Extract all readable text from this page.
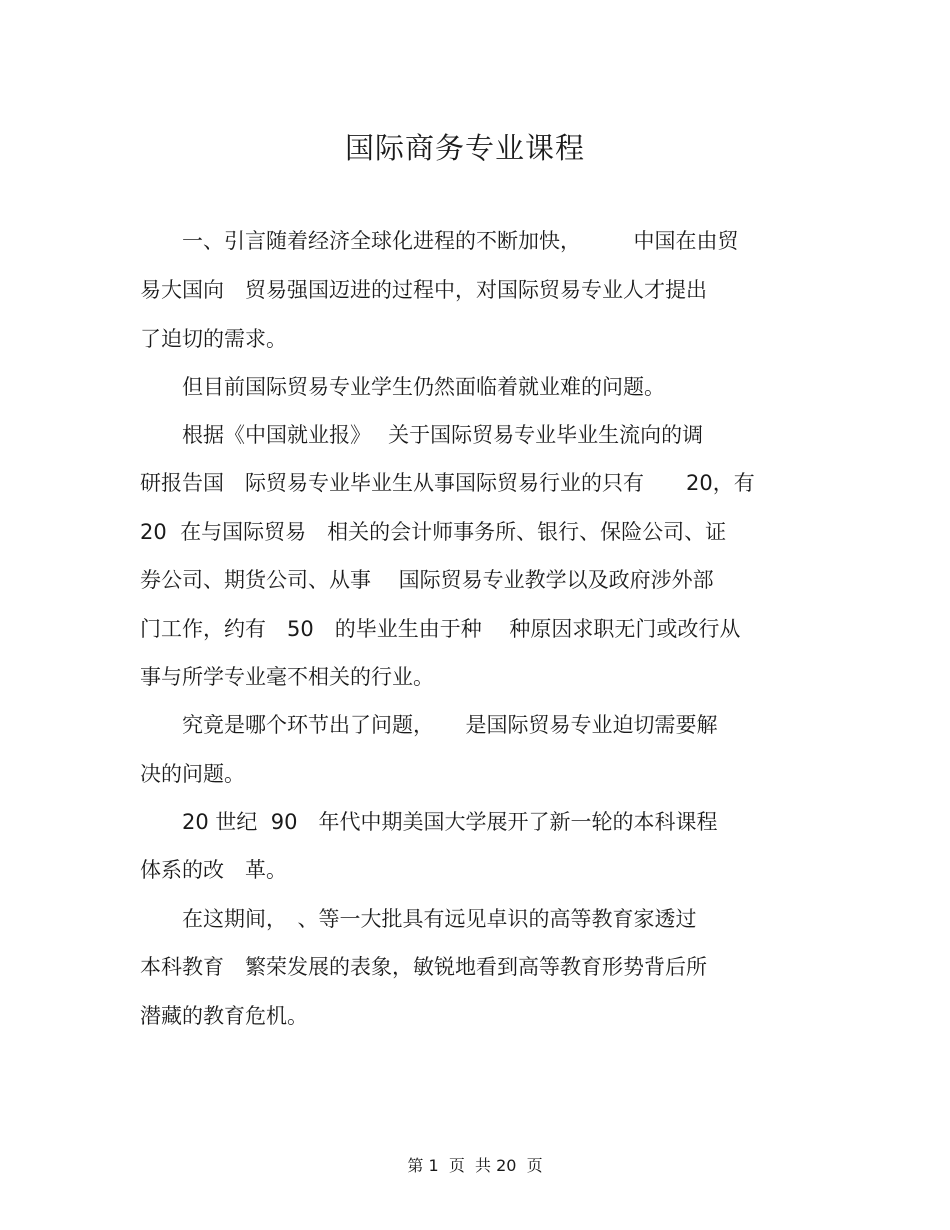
国际商务专业课程
　　一、引言随着经济全球化进程的不断加快，　　　中国在由贸
易大国向　贸易强国迈进的过程中，对国际贸易专业人才提出
了迫切的需求。
　　但目前国际贸易专业学生仍然面临着就业难的问题。
　　根据《中国就业报》　 关于国际贸易专业毕业生流向的调
研报告国　际贸易专业毕业生从事国际贸易行业的只有　　20，有
20  在与国际贸易　相关的会计师事务所、银行、保险公司、证
券公司、期货公司、从事　 国际贸易专业教学以及政府涉外部
门工作，约有　50　的毕业生由于种　 种原因求职无门或改行从
事与所学专业毫不相关的行业。
　　究竟是哪个环节出了问题，　　是国际贸易专业迫切需要解
决的问题。
　　20 世纪  90　年代中期美国大学展开了新一轮的本科课程
体系的改　革。
　　在这期间，　、等一大批具有远见卓识的高等教育家透过
本科教育　繁荣发展的表象，敏锐地看到高等教育形势背后所
潜藏的教育危机。
第 1  页  共 20  页
